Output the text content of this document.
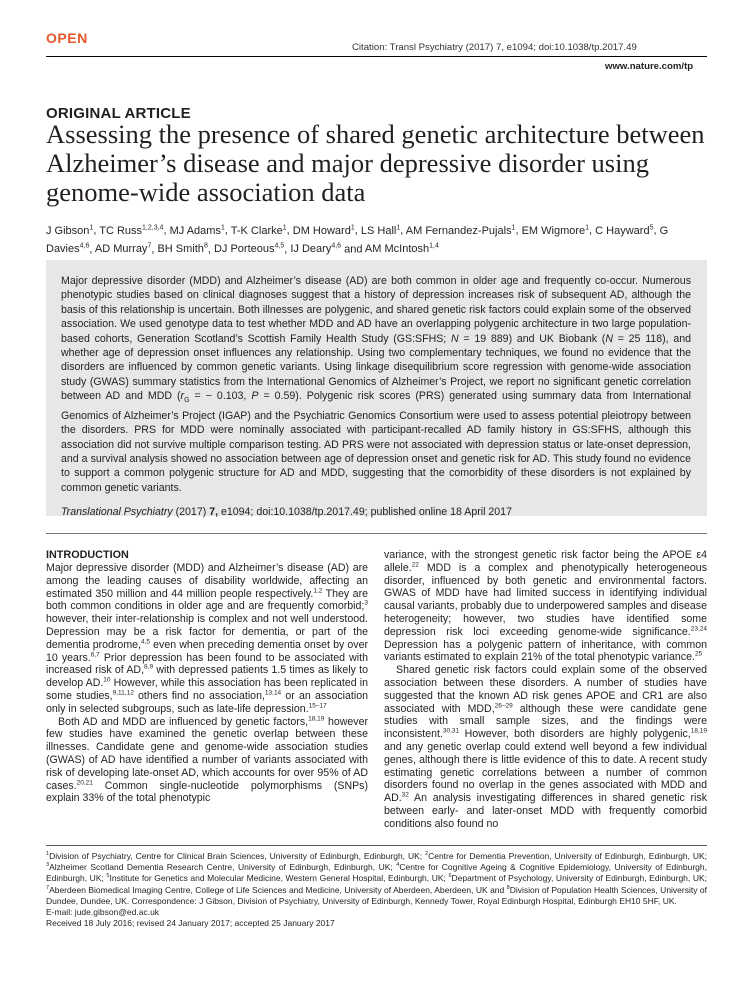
OPEN
Citation: Transl Psychiatry (2017) 7, e1094; doi:10.1038/tp.2017.49
www.nature.com/tp
ORIGINAL ARTICLE
Assessing the presence of shared genetic architecture between Alzheimer’s disease and major depressive disorder using genome-wide association data
J Gibson$^1$, TC Russ$^{1,2,3,4}$, MJ Adams$^1$, T-K Clarke$^1$, DM Howard$^1$, LS Hall$^1$, AM Fernandez-Pujals$^1$, EM Wigmore$^1$, C Hayward$^5$, G Davies$^{4,6}$, AD Murray$^7$, BH Smith$^8$, DJ Porteous$^{4,5}$, IJ Deary$^{4,6}$ and AM McIntosh$^{1,4}$

Major depressive disorder (MDD) and Alzheimer’s disease (AD) are both common in older age and frequently co-occur. Numerous phenotypic studies based on clinical diagnoses suggest that a history of depression increases risk of subsequent AD, although the basis of this relationship is uncertain. Both illnesses are polygenic, and shared genetic risk factors could explain some of the observed association. We used genotype data to test whether MDD and AD have an overlapping polygenic architecture in two large population-based cohorts, Generation Scotland’s Scottish Family Health Study (GS:SFHS; N = 19 889) and UK Biobank (N = 25 118), and whether age of depression onset influences any relationship. Using two complementary techniques, we found no evidence that the disorders are influenced by common genetic variants. Using linkage disequilibrium score regression with genome-wide association study (GWAS) summary statistics from the International Genomics of Alzheimer’s Project, we report no significant genetic correlation between AD and MDD ($r_G$ = − 0.103, P = 0.59). Polygenic risk scores (PRS) generated using summary data from International Genomics of Alzheimer’s Project (IGAP) and the Psychiatric Genomics Consortium were used to assess potential pleiotropy between the disorders. PRS for MDD were nominally associated with participant-recalled AD family history in GS:SFHS, although this association did not survive multiple comparison testing. AD PRS were not associated with depression status or late-onset depression, and a survival analysis showed no association between age of depression onset and genetic risk for AD. This study found no evidence to support a common polygenic structure for AD and MDD, suggesting that the comorbidity of these disorders is not explained by common genetic variants.

Translational Psychiatry (2017) 7, e1094; doi:10.1038/tp.2017.49; published online 18 April 2017
INTRODUCTION

Major depressive disorder (MDD) and Alzheimer’s disease (AD) are among the leading causes of disability worldwide, affecting an estimated 350 million and 44 million people respectively.$^{1,2}$ They are both common conditions in older age and are frequently comorbid;$^3$ however, their inter-relationship is complex and not well understood. Depression may be a risk factor for dementia, or part of the dementia prodrome,$^{4,5}$ even when preceding dementia onset by over 10 years.$^{6,7}$ Prior depression has been found to be associated with increased risk of AD,$^{8,9}$ with depressed patients 1.5 times as likely to develop AD.$^{10}$ However, while this association has been replicated in some studies,$^{9,11,12}$ others find no association,$^{13,14}$ or an association only in selected subgroups, such as late-life depression.$^{15-17}$

Both AD and MDD are influenced by genetic factors,$^{18,19}$ however few studies have examined the genetic overlap between these illnesses. Candidate gene and genome-wide association studies (GWAS) of AD have identified a number of variants associated with risk of developing late-onset AD, which accounts for over 95% of AD cases.$^{20,21}$ Common single-nucleotide polymorphisms (SNPs) explain 33% of the total phenotypic

variance, with the strongest genetic risk factor being the APOE ε4 allele.$^{22}$ MDD is a complex and phenotypically heterogeneous disorder, influenced by both genetic and environmental factors. GWAS of MDD have had limited success in identifying individual causal variants, probably due to underpowered samples and disease heterogeneity; however, two studies have identified some depression risk loci exceeding genome-wide significance.$^{23,24}$ Depression has a polygenic pattern of inheritance, with common variants estimated to explain 21% of the total phenotypic variance.$^{25}$

Shared genetic risk factors could explain some of the observed association between these disorders. A number of studies have suggested that the known AD risk genes APOE and CR1 are also associated with MDD,$^{26-29}$ although these were candidate gene studies with small sample sizes, and the findings were inconsistent.$^{30,31}$ However, both disorders are highly polygenic,$^{18,19}$ and any genetic overlap could extend well beyond a few individual genes, although there is little evidence of this to date. A recent study estimating genetic correlations between a number of common disorders found no overlap in the genes associated with MDD and AD.$^{32}$ An analysis investigating differences in shared genetic risk between early- and later-onset MDD with frequently comorbid conditions also found no

$^1$Division of Psychiatry, Centre for Clinical Brain Sciences, University of Edinburgh, Edinburgh, UK; $^2$Centre for Dementia Prevention, University of Edinburgh, Edinburgh, UK; $^3$Alzheimer Scotland Dementia Research Centre, University of Edinburgh, Edinburgh, UK; $^4$Centre for Cognitive Ageing & Cognitive Epidemiology, University of Edinburgh, Edinburgh, UK; $^5$Institute for Genetics and Molecular Medicine, Western General Hospital, Edinburgh, UK; $^6$Department of Psychology, University of Edinburgh, Edinburgh, UK; $^7$Aberdeen Biomedical Imaging Centre, College of Life Sciences and Medicine, University of Aberdeen, Aberdeen, UK and $^8$Division of Population Health Sciences, University of Dundee, Dundee, UK. Correspondence: J Gibson, Division of Psychiatry, University of Edinburgh, Kennedy Tower, Royal Edinburgh Hospital, Edinburgh EH10 5HF, UK.

E-mail: jude.gibson@ed.ac.uk

Received 18 July 2016; revised 24 January 2017; accepted 25 January 2017
